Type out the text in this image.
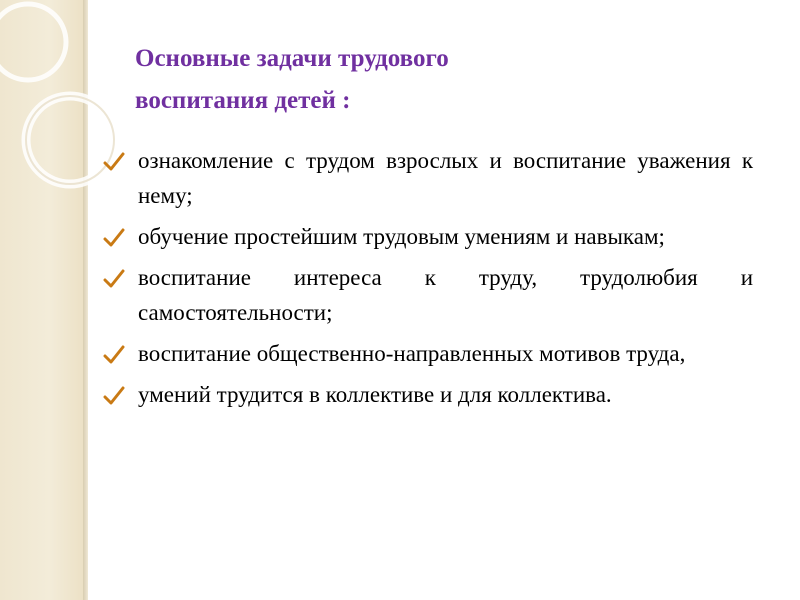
Основные задачи трудового
воспитания детей :
ознакомление с трудом взрослых и воспитание уважения к нему;
обучение простейшим трудовым умениям и навыкам;
воспитание интереса к труду, трудолюбия и самостоятельности;
воспитание общественно-направленных мотивов труда,
умений трудится в коллективе и для коллектива.
